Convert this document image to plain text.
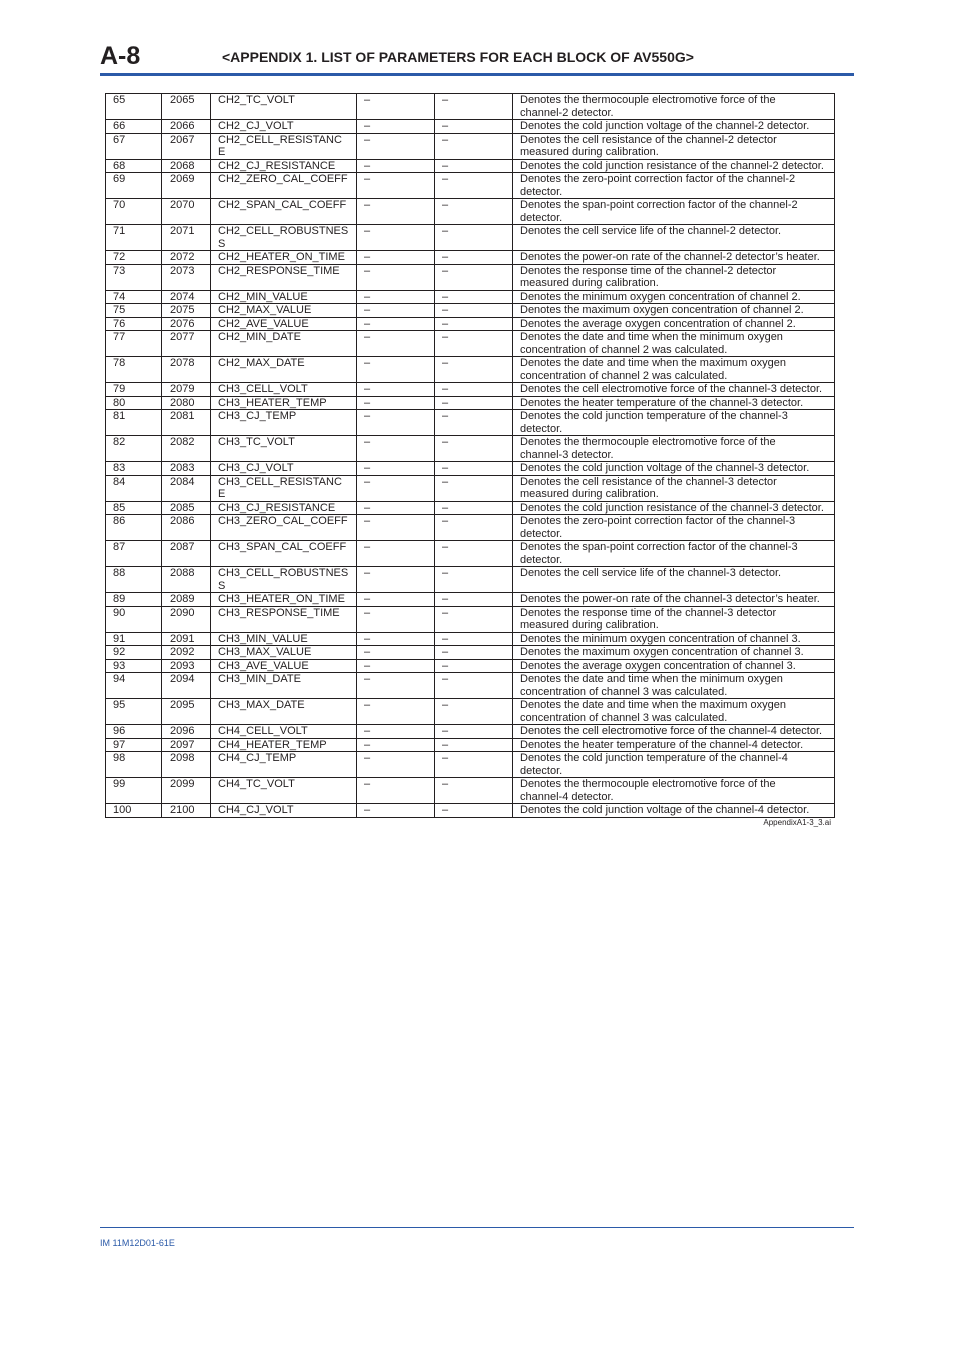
A-8	<APPENDIX 1. LIST OF PARAMETERS FOR EACH BLOCK OF AV550G>
65	2065	CH2_TC_VOLT	–	–	Denotes the thermocouple electromotive force of the
channel-2 detector.

66	2066	CH2_CJ_VOLT	–	–	Denotes the cold junction voltage of the channel-2 detector.

67	2067	CH2_CELL_RESISTANCE	–	–	Denotes the cell resistance of the channel-2 detector
measured during calibration.

68	2068	CH2_CJ_RESISTANCE	–	–	Denotes the cold junction resistance of the channel-2 detector.

69	2069	CH2_ZERO_CAL_COEFF	–	–	Denotes the zero-point correction factor of the channel-2
detector.

70	2070	CH2_SPAN_CAL_COEFF	–	–	Denotes the span-point correction factor of the channel-2
detector.

71	2071	CH2_CELL_ROBUSTNESS	–	–	Denotes the cell service life of the channel-2 detector.

72	2072	CH2_HEATER_ON_TIME	–	–	Denotes the power-on rate of the channel-2 detector’s heater.

73	2073	CH2_RESPONSE_TIME	–	–	Denotes the response time of the channel-2 detector
measured during calibration.

74	2074	CH2_MIN_VALUE	–	–	Denotes the minimum oxygen concentration of channel 2.

75	2075	CH2_MAX_VALUE	–	–	Denotes the maximum oxygen concentration of channel 2.

76	2076	CH2_AVE_VALUE	–	–	Denotes the average oxygen concentration of channel 2.

77	2077	CH2_MIN_DATE	–	–	Denotes the date and time when the minimum oxygen
concentration of channel 2 was calculated.

78	2078	CH2_MAX_DATE	–	–	Denotes the date and time when the maximum oxygen
concentration of channel 2 was calculated.

79	2079	CH3_CELL_VOLT	–	–	Denotes the cell electromotive force of the channel-3 detector.

80	2080	CH3_HEATER_TEMP	–	–	Denotes the heater temperature of the channel-3 detector.

81	2081	CH3_CJ_TEMP	–	–	Denotes the cold junction temperature of the channel-3
detector.

82	2082	CH3_TC_VOLT	–	–	Denotes the thermocouple electromotive force of the
channel-3 detector.

83	2083	CH3_CJ_VOLT	–	–	Denotes the cold junction voltage of the channel-3 detector.

84	2084	CH3_CELL_RESISTANCE	–	–	Denotes the cell resistance of the channel-3 detector
measured during calibration.

85	2085	CH3_CJ_RESISTANCE	–	–	Denotes the cold junction resistance of the channel-3 detector.

86	2086	CH3_ZERO_CAL_COEFF	–	–	Denotes the zero-point correction factor of the channel-3
detector.

87	2087	CH3_SPAN_CAL_COEFF	–	–	Denotes the span-point correction factor of the channel-3
detector.

88	2088	CH3_CELL_ROBUSTNESS	–	–	Denotes the cell service life of the channel-3 detector.

89	2089	CH3_HEATER_ON_TIME	–	–	Denotes the power-on rate of the channel-3 detector’s heater.

90	2090	CH3_RESPONSE_TIME	–	–	Denotes the response time of the channel-3 detector
measured during calibration.

91	2091	CH3_MIN_VALUE	–	–	Denotes the minimum oxygen concentration of channel 3.

92	2092	CH3_MAX_VALUE	–	–	Denotes the maximum oxygen concentration of channel 3.

93	2093	CH3_AVE_VALUE	–	–	Denotes the average oxygen concentration of channel 3.

94	2094	CH3_MIN_DATE	–	–	Denotes the date and time when the minimum oxygen
concentration of channel 3 was calculated.

95	2095	CH3_MAX_DATE	–	–	Denotes the date and time when the maximum oxygen
concentration of channel 3 was calculated.

96	2096	CH4_CELL_VOLT	–	–	Denotes the cell electromotive force of the channel-4 detector.

97	2097	CH4_HEATER_TEMP	–	–	Denotes the heater temperature of the channel-4 detector.

98	2098	CH4_CJ_TEMP	–	–	Denotes the cold junction temperature of the channel-4
detector.

99	2099	CH4_TC_VOLT	–	–	Denotes the thermocouple electromotive force of the
channel-4 detector.

100	2100	CH4_CJ_VOLT	–	–	Denotes the cold junction voltage of the channel-4 detector.
AppendixA1-3_3.ai
IM 11M12D01-61E
